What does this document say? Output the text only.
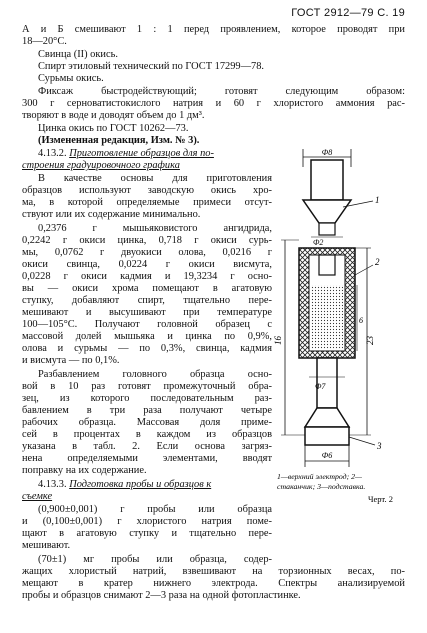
ГОСТ 2912—79 С. 19
А и Б смешивают 1 : 1 перед проявлением, которое проводят при
18—20°С.
Свинца (II) окись.
Спирт этиловый технический по ГОСТ 17299—78.
Сурьмы окись.
Фиксаж быстродействующий; готовят следующим образом:
300 г серноватистокислого натрия и 60 г хлористого аммония рас-
творяют в воде и доводят объем до 1 дм³.
Цинка окись по ГОСТ 10262—73.
(Измененная редакция, Изм. № 3).
4.13.2. Приготовление образцов для по-
строения градуировочного графика
В качестве основы для приготовления
образцов используют заводскую окись хро-
ма, в которой определяемые примеси отсут-
ствуют или их содержание минимально.
0,2376 г мышьяковистого ангидрида,
0,2242 г окиси цинка, 0,718 г окиси сурь-
мы, 0,0762 г двуокиси олова, 0,0216 г
окиси свинца, 0,0224 г окиси висмута,
0,0228 г окиси кадмия и 19,3234 г осно-
вы — окиси хрома помещают в агатовую
ступку, добавляют спирт, тщательно пере-
мешивают и высушивают при температуре
100—105°С. Получают головной образец с
массовой долей мышьяка и цинка по 0,9%,
олова и сурьмы — по 0,3%, свинца, кадмия
и висмута — по 0,1%.
Разбавлением головного образца осно-
вой в 10 раз готовят промежуточный обра-
зец, из которого последовательным раз-
бавлением в три раза получают четыре
рабочих образца. Массовая доля приме-
сей в процентах в каждом из образцов
указана в табл. 2. Если основа загряз-
нена определяемыми элементами, вводят
поправку на их содержание.
4.13.3. Подготовка пробы и образцов к
съемке
(0,900±0,001) г пробы или образца
и (0,100±0,001) г хлористого натрия поме-
щают в агатовую ступку и тщательно пере-
мешивают.
(70±1) мг пробы или образца, содер-
жащих хлористый натрий, взвешивают на торзионных весах, по-
мещают в кратер нижнего электрода. Спектры анализируемой
пробы и образцов снимают 2—3 раза на одной фотопластинке.
Ф8
1
Ф2
2
3
Ф7
Ф6
16	23
6
1—верхний электрод; 2—
стаканчик; 3—подставка.
Черт. 2
